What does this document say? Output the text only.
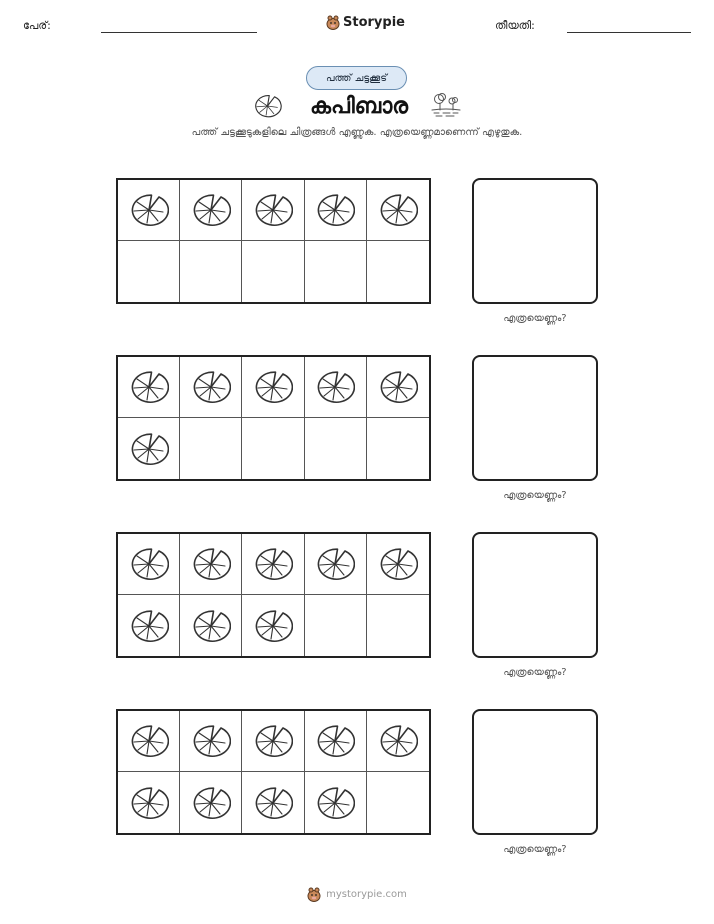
പേര്:	Storypie	തീയതി:
പത്ത് ചട്ടക്കൂട്
കപിബാര
പത്ത് ചട്ടക്കൂടുകളിലെ ചിത്രങ്ങൾ എണ്ണുക. എത്രയെണ്ണമാണെന്ന് എഴുതുക.
എത്രയെണ്ണം?
എത്രയെണ്ണം?
എത്രയെണ്ണം?
എത്രയെണ്ണം?
mystorypie.com
